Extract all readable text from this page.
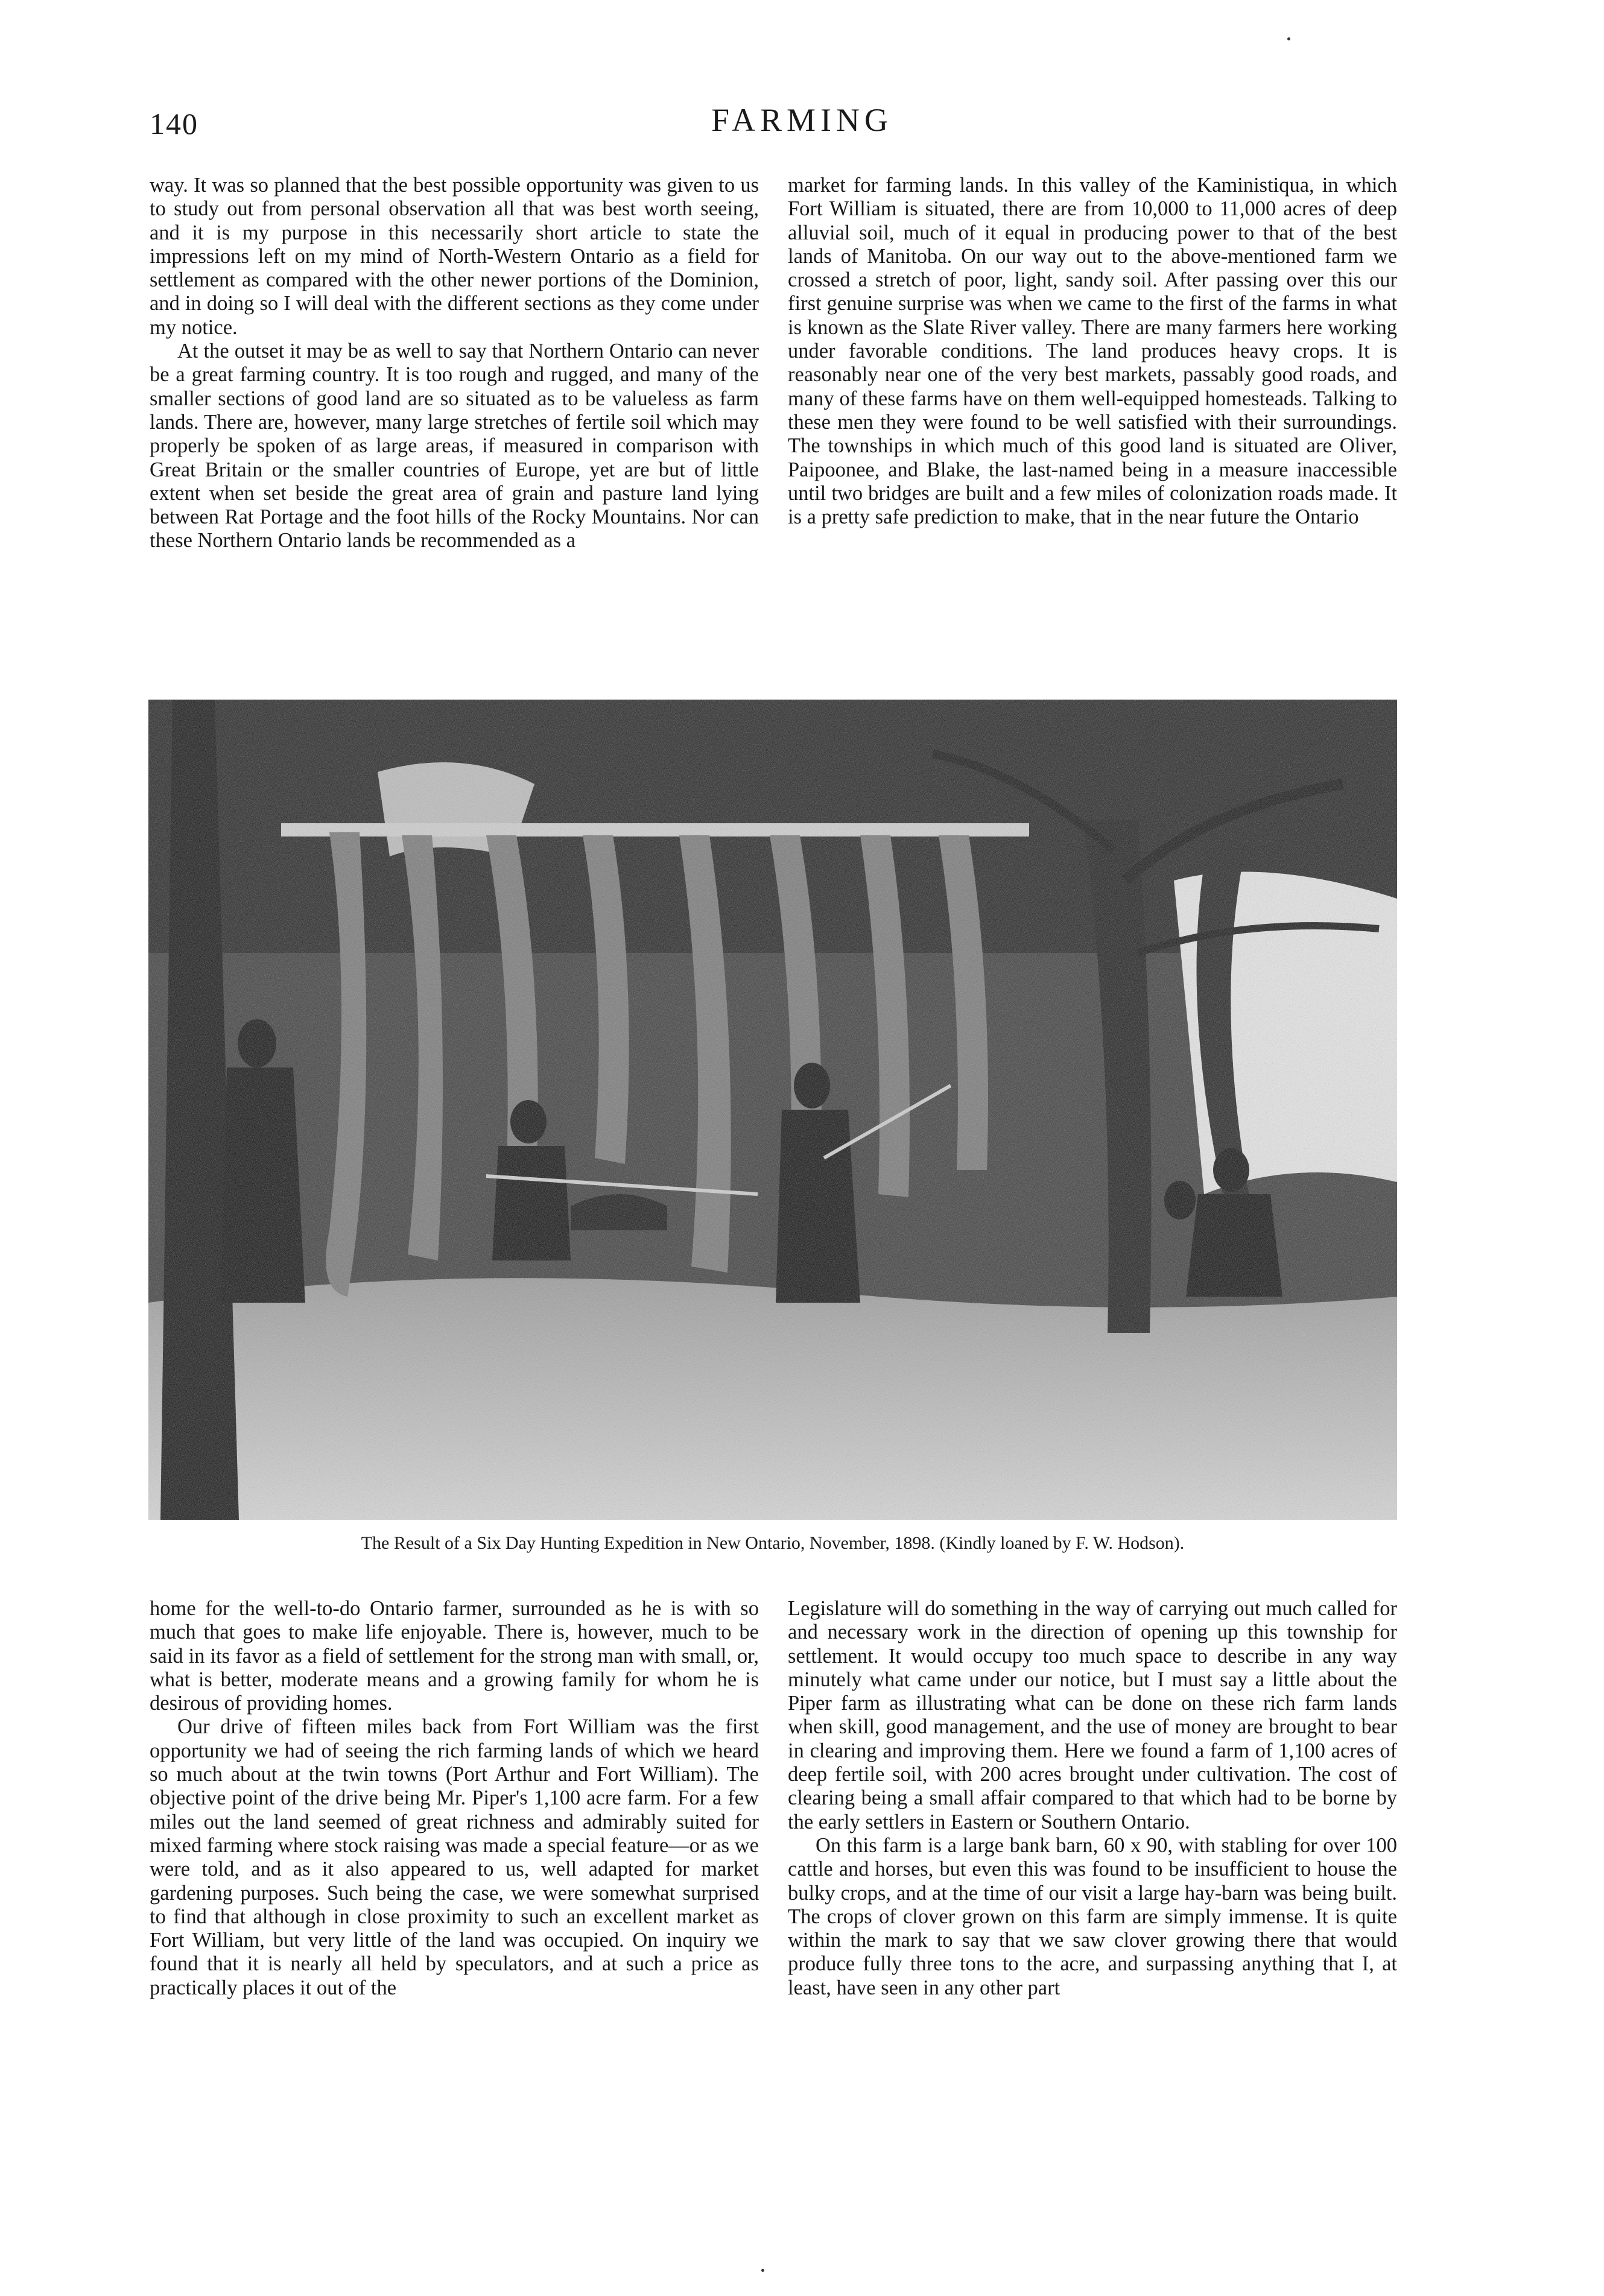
140	FARMING

way. It was so planned that the best possible opportunity was given to us to study out from personal observation all that was best worth seeing, and it is my purpose in this necessarily short article to state the impressions left on my mind of North-Western Ontario as a field for settlement as compared with the other newer portions of the Dominion, and in doing so I will deal with the different sections as they come under my notice.

At the outset it may be as well to say that Northern Ontario can never be a great farming country. It is too rough and rugged, and many of the smaller sections of good land are so situated as to be valueless as farm lands. There are, however, many large stretches of fertile soil which may properly be spoken of as large areas, if measured in comparison with Great Britain or the smaller countries of Europe, yet are but of little extent when set beside the great area of grain and pasture land lying between Rat Portage and the foot hills of the Rocky Mountains. Nor can these Northern Ontario lands be recommended as a

market for farming lands. In this valley of the Kaministiqua, in which Fort William is situated, there are from 10,000 to 11,000 acres of deep alluvial soil, much of it equal in producing power to that of the best lands of Manitoba. On our way out to the above-mentioned farm we crossed a stretch of poor, light, sandy soil. After passing over this our first genuine surprise was when we came to the first of the farms in what is known as the Slate River valley. There are many farmers here working under favorable conditions. The land produces heavy crops. It is reasonably near one of the very best markets, passably good roads, and many of these farms have on them well-equipped homesteads. Talking to these men they were found to be well satisfied with their surroundings. The townships in which much of this good land is situated are Oliver, Paipoonee, and Blake, the last-named being in a measure inaccessible until two bridges are built and a few miles of colonization roads made. It is a pretty safe prediction to make, that in the near future the Ontario

The Result of a Six Day Hunting Expedition in New Ontario, November, 1898. (Kindly loaned by F. W. Hodson).

home for the well-to-do Ontario farmer, surrounded as he is with so much that goes to make life enjoyable. There is, however, much to be said in its favor as a field of settlement for the strong man with small, or, what is better, moderate means and a growing family for whom he is desirous of providing homes.

Our drive of fifteen miles back from Fort William was the first opportunity we had of seeing the rich farming lands of which we heard so much about at the twin towns (Port Arthur and Fort William). The objective point of the drive being Mr. Piper's 1,100 acre farm. For a few miles out the land seemed of great richness and admirably suited for mixed farming where stock raising was made a special feature—or as we were told, and as it also appeared to us, well adapted for market gardening purposes. Such being the case, we were somewhat surprised to find that although in close proximity to such an excellent market as Fort William, but very little of the land was occupied. On inquiry we found that it is nearly all held by speculators, and at such a price as practically places it out of the

Legislature will do something in the way of carrying out much called for and necessary work in the direction of opening up this township for settlement. It would occupy too much space to describe in any way minutely what came under our notice, but I must say a little about the Piper farm as illustrating what can be done on these rich farm lands when skill, good management, and the use of money are brought to bear in clearing and improving them. Here we found a farm of 1,100 acres of deep fertile soil, with 200 acres brought under cultivation. The cost of clearing being a small affair compared to that which had to be borne by the early settlers in Eastern or Southern Ontario.

On this farm is a large bank barn, 60 x 90, with stabling for over 100 cattle and horses, but even this was found to be insufficient to house the bulky crops, and at the time of our visit a large hay-barn was being built. The crops of clover grown on this farm are simply immense. It is quite within the mark to say that we saw clover growing there that would produce fully three tons to the acre, and surpassing anything that I, at least, have seen in any other part
